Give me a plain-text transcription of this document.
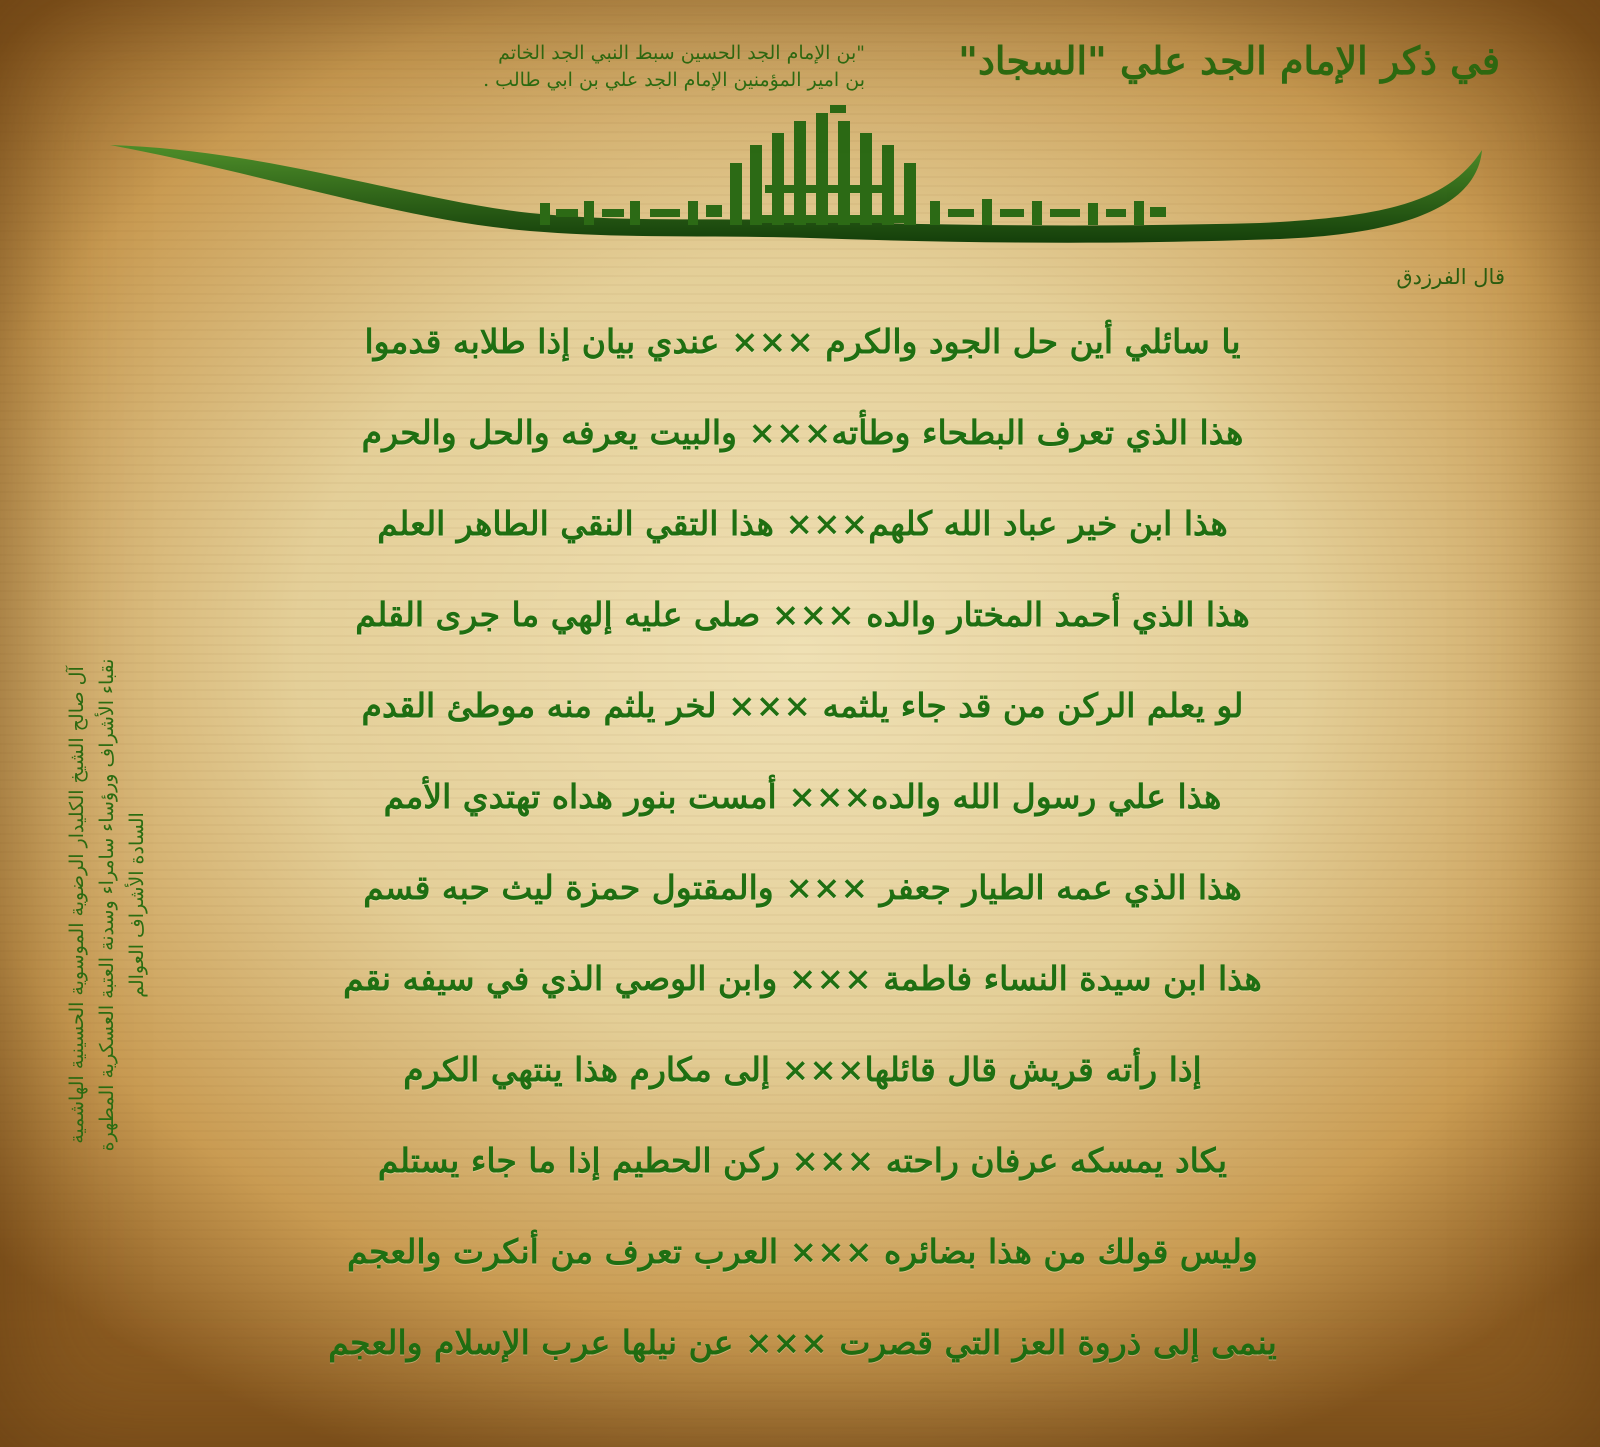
في ذكر الإمام الجد علي "السجاد"
"بن الإمام الجد الحسين سبط النبي الجد الخاتم
بن امير المؤمنين الإمام الجد علي بن ابي طالب .
قال الفرزدق
يا سائلي أين حل الجود والكرم ××× عندي بيان إذا طلابه قدموا
هذا الذي تعرف البطحاء وطأته××× والبيت يعرفه والحل والحرم
هذا ابن خير عباد الله كلهم××× هذا التقي النقي الطاهر العلم
هذا الذي أحمد المختار والده ××× صلى عليه إلهي ما جرى القلم
لو يعلم الركن من قد جاء يلثمه ××× لخر يلثم منه موطئ القدم
هذا علي رسول الله والده××× أمست بنور هداه تهتدي الأمم
هذا الذي عمه الطيار جعفر ××× والمقتول حمزة ليث حبه قسم
هذا ابن سيدة النساء فاطمة ××× وابن الوصي الذي في سيفه نقم
إذا رأته قريش قال قائلها××× إلى مكارم هذا ينتهي الكرم
يكاد يمسكه عرفان راحته ××× ركن الحطيم إذا ما جاء يستلم
وليس قولك من هذا بضائره ××× العرب تعرف من أنكرت والعجم
ينمى إلى ذروة العز التي قصرت ××× عن نيلها عرب الإسلام والعجم
آل صالح الشيخ الكليدار الرضوية الموسوية الحسينية الهاشمية نقباء الأشراف ورؤساء سامراء وسدنة العتبة العسكرية المطهرة السادة الأشراف العوالم
